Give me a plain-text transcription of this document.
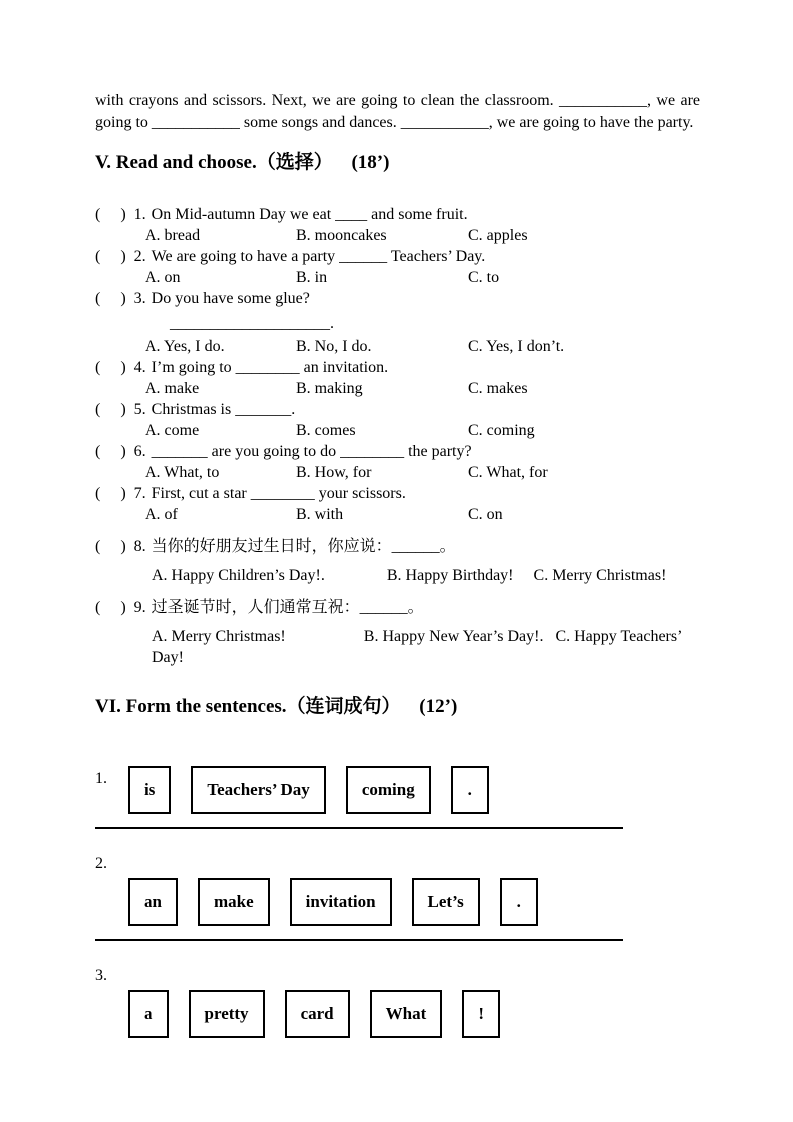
with crayons and scissors. Next, we are going to clean the classroom. ___________, we are going to ___________ some songs and dances. ___________, we are going to have the party.

V. Read and choose.（选择） (18’)
(     ) 1. On Mid-autumn Day we eat ____ and some fruit.
A. bread	B. mooncakes	C. apples
(     ) 2. We are going to have a party ______ Teachers’ Day.
A. on	B. in	C. to
(     ) 3. Do you have some glue?
____________________.
A. Yes, I do.	B. No, I do.	C. Yes, I don’t.
(     ) 4. I’m going to ________ an invitation.
A. make	B. making	C. makes
(     ) 5. Christmas is _______.
A. come	B. comes	C. coming
(     ) 6. _______ are you going to do ________ the party?
A. What, to	B. How, for	C. What, for
(     ) 7. First, cut a star ________ your scissors.
A. of	B. with	C. on
(     ) 8. 当你的好朋友过生日时，你应说：______。
A. Happy Children’s Day!.	B. Happy Birthday! C. Merry Christmas!
(     ) 9. 过圣诞节时，人们通常互祝：______。
A. Merry Christmas!	B. Happy New Year’s Day!. C. Happy Teachers’ Day!
VI. Form the sentences.（连词成句） (12’)
1.
is	Teachers’ Day	coming	.
2.
an	make	invitation	Let’s	.
3.
a	pretty	card	What	!
